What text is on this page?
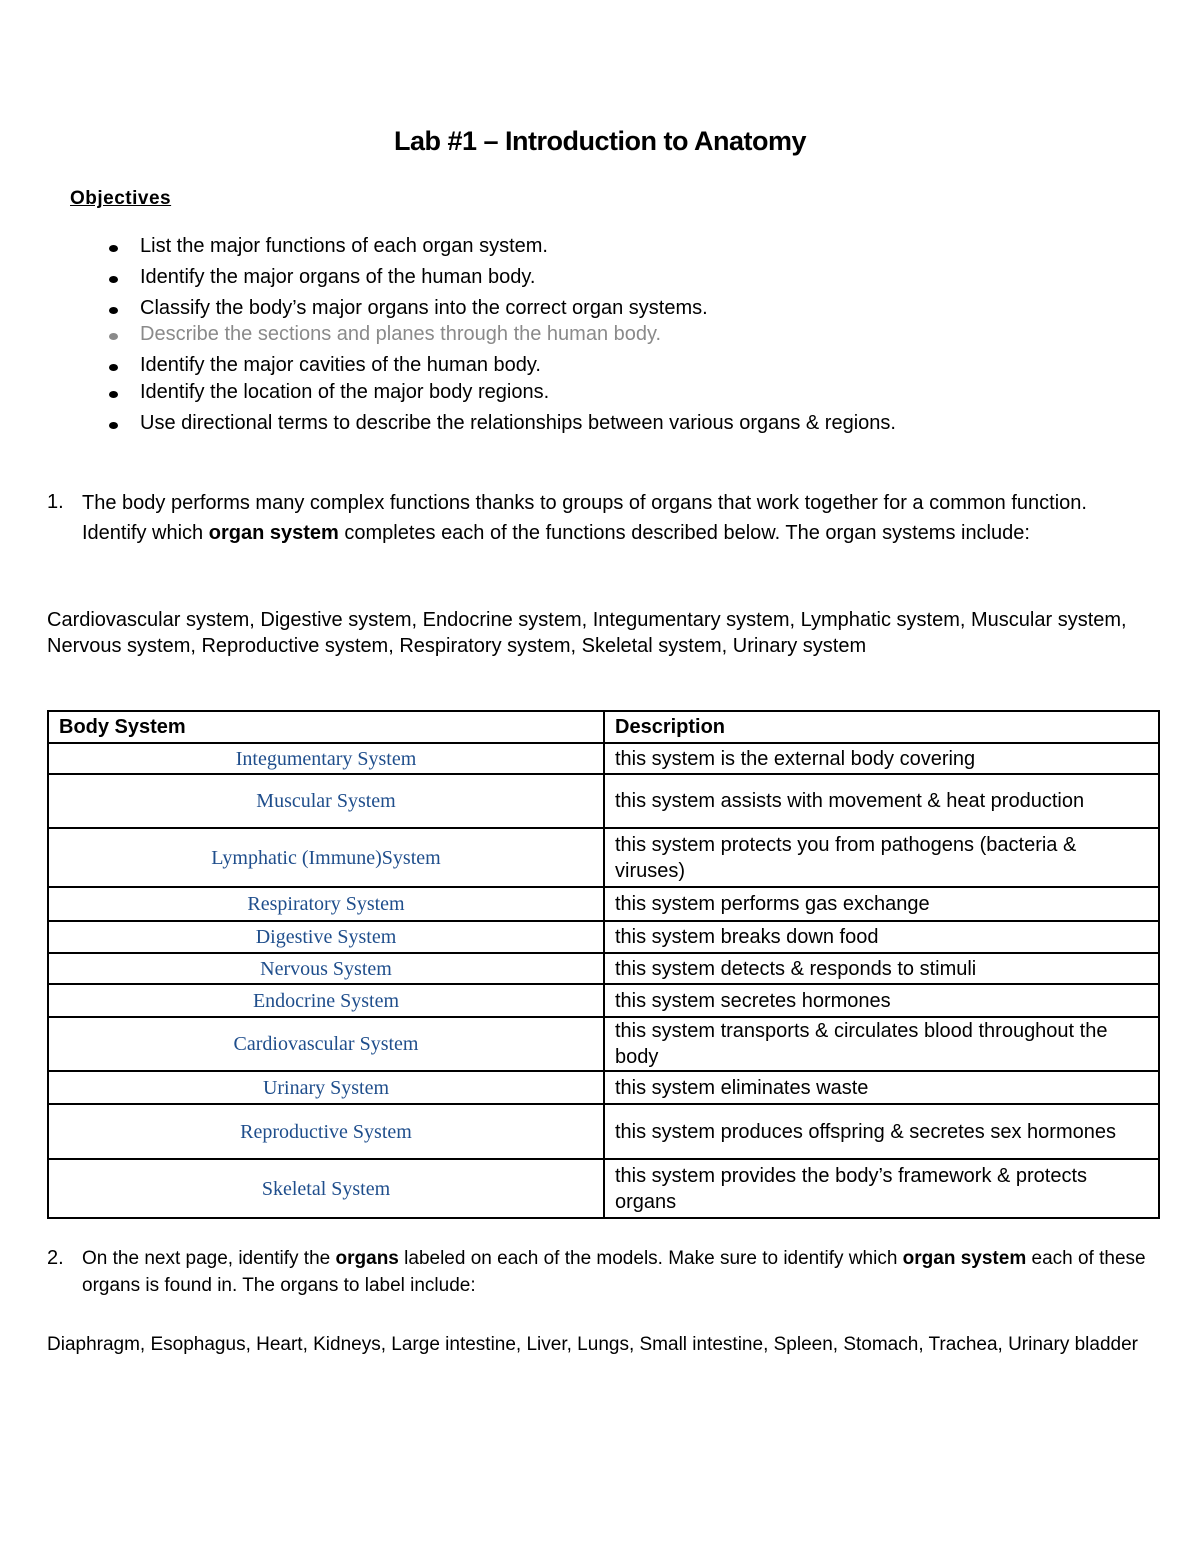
Lab #1 – Introduction to Anatomy
Objectives
List the major functions of each organ system.
Identify the major organs of the human body.
Classify the body’s major organs into the correct organ systems.
Describe the sections and planes through the human body.
Identify the major cavities of the human body.
Identify the location of the major body regions.
Use directional terms to describe the relationships between various organs & regions.
1. The body performs many complex functions thanks to groups of organs that work together for a common function. Identify which organ system completes each of the functions described below. The organ systems include:
Cardiovascular system, Digestive system, Endocrine system, Integumentary system, Lymphatic system, Muscular system, Nervous system, Reproductive system, Respiratory system, Skeletal system, Urinary system
Body System	Description
Integumentary System	this system is the external body covering
Muscular System	this system assists with movement & heat production
Lymphatic (Immune)System	this system protects you from pathogens (bacteria & viruses)
Respiratory System	this system performs gas exchange
Digestive System	this system breaks down food
Nervous System	this system detects & responds to stimuli
Endocrine System	this system secretes hormones
Cardiovascular System	this system transports & circulates blood throughout the body
Urinary System	this system eliminates waste
Reproductive System	this system produces offspring & secretes sex hormones
Skeletal System	this system provides the body’s framework & protects organs
2. On the next page, identify the organs labeled on each of the models. Make sure to identify which organ system each of these organs is found in. The organs to label include:
Diaphragm, Esophagus, Heart, Kidneys, Large intestine, Liver, Lungs, Small intestine, Spleen, Stomach, Trachea, Urinary bladder
